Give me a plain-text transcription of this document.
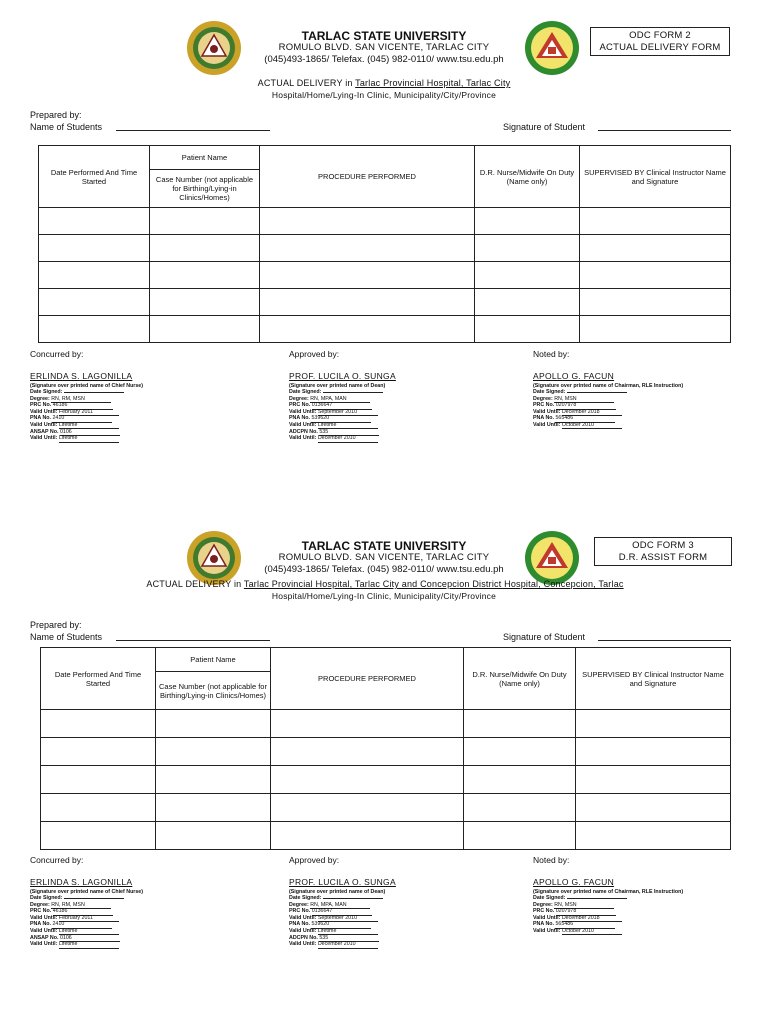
TARLAC STATE UNIVERSITY
ROMULO BLVD. SAN VICENTE, TARLAC CITY
(045)493-1865/ Telefax. (045) 982-0110/ www.tsu.edu.ph
ODC FORM 2
ACTUAL DELIVERY FORM
ACTUAL DELIVERY in Tarlac Provincial Hospital, Tarlac City
Hospital/Home/Lying-In Clinic, Municipality/City/Province
Prepared by:
Name of Students	Signature of Student
Date Performed And Time Started	Patient Name	PROCEDURE PERFORMED	D.R. Nurse/Midwife On Duty (Name only)	SUPERVISED BY Clinical Instructor Name and Signature
	Case Number (not applicable for Birthing/Lying-in Clinics/Homes)			

Concurred by:
ERLINDA S. LAGONILLA
(Signature over printed name of Chief Nurse)
Date Signed:
Degree: RN, RM, MSN
PRC No. 46186
Valid Until: February 2011
PNA No. 2410
Valid Until: Lifetime
ANSAP No. 0106
Valid Until: Lifetime
Approved by:
PROF. LUCILA O. SUNGA
(Signature over printed name of Dean)
Date Signed:
Degree: RN, MPA, MAN
PRC No. 0136647
Valid Until: September 2010
PNA No. 539620
Valid Until: Lifetime
ADCPN No. 535
Valid Until: December 2010
Noted by:
APOLLO G. FACUN
(Signature over printed name of Chairman, RLE Instruction)
Date Signed:
Degree: RN, MSN
PRC No. 0207978
Valid Until: December 2018
PNA No. 565486
Valid Until: October 2010
TARLAC STATE UNIVERSITY
ROMULO BLVD. SAN VICENTE, TARLAC CITY
(045)493-1865/ Telefax. (045) 982-0110/ www.tsu.edu.ph
ODC FORM 3
D.R. ASSIST FORM
ACTUAL DELIVERY in Tarlac Provincial Hospital, Tarlac City and Concepcion District Hospital, Concepcion, Tarlac
Hospital/Home/Lying-In Clinic, Municipality/City/Province
Prepared by:
Name of Students	Signature of Student
Date Performed And Time Started	Patient Name	PROCEDURE PERFORMED	D.R. Nurse/Midwife On Duty (Name only)	SUPERVISED BY Clinical Instructor Name and Signature
	Case Number (not applicable for Birthing/Lying-in Clinics/Homes)			

Concurred by:
ERLINDA S. LAGONILLA
(Signature over printed name of Chief Nurse)
Date Signed:
Degree: RN, RM, MSN
PRC No. 46186
Valid Until: February 2011
PNA No. 2410
Valid Until: Lifetime
ANSAP No. 0106
Valid Until: Lifetime
Approved by:
PROF. LUCILA O. SUNGA
(Signature over printed name of Dean)
Date Signed:
Degree: RN, MPA, MAN
PRC No. 0136647
Valid Until: September 2010
PNA No. 539620
Valid Until: Lifetime
ADCPN No. 535
Valid Until: December 2010
Noted by:
APOLLO G. FACUN
(Signature over printed name of Chairman, RLE Instruction)
Date Signed:
Degree: RN, MSN
PRC No. 0207978
Valid Until: December 2018
PNA No. 565486
Valid Until: October 2010
